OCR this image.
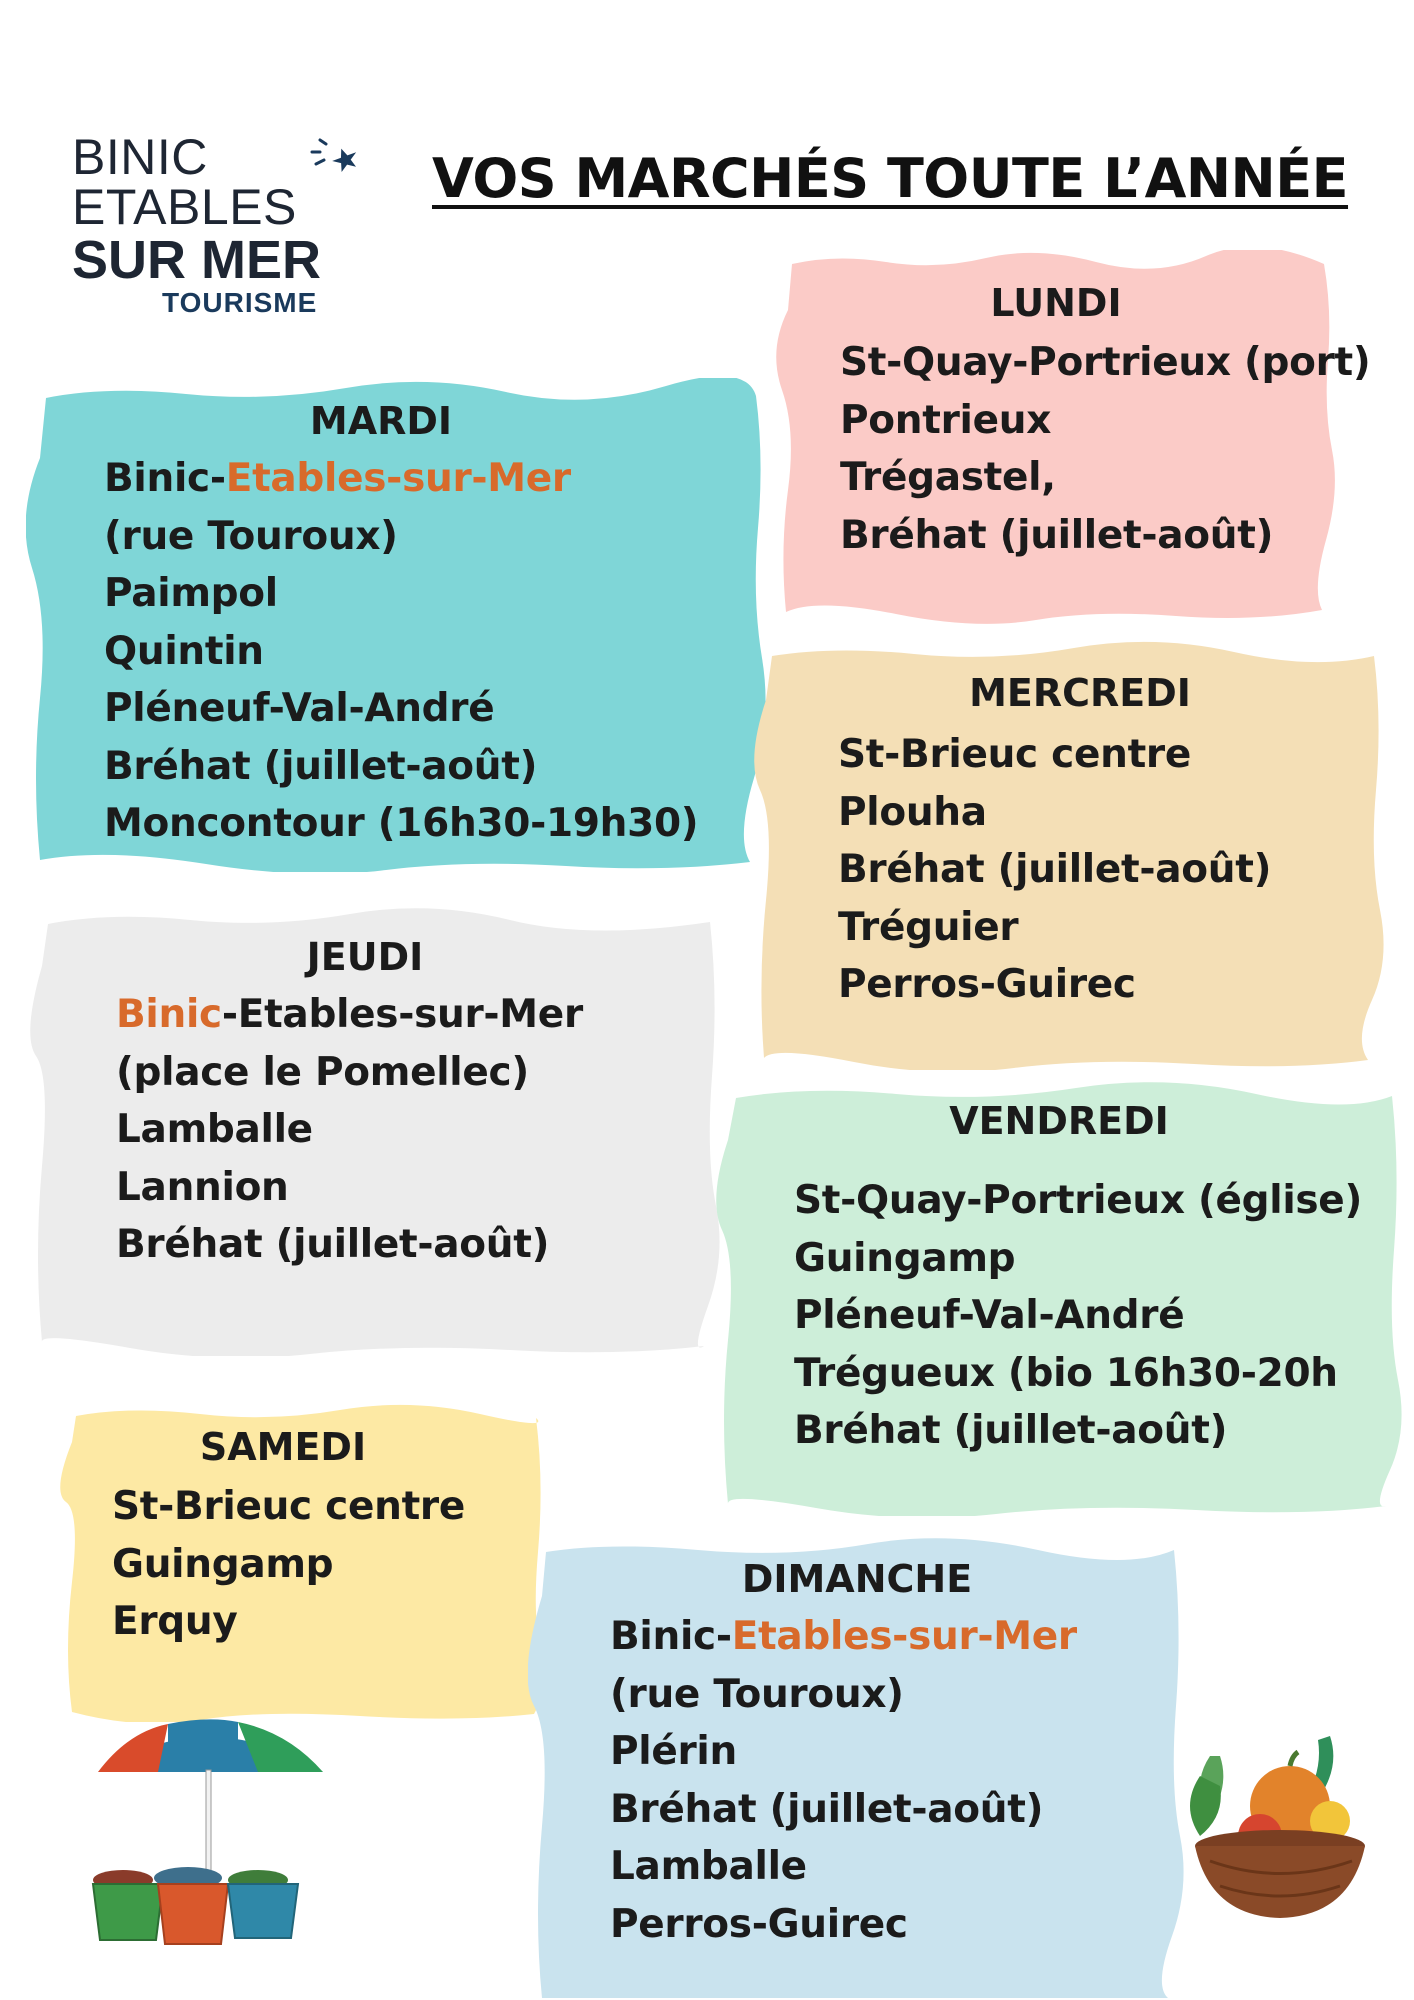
BINIC
ETABLES
SUR MER
TOURISME
VOS MARCHÉS TOUTE L’ANNÉE
LUNDI
St-Quay-Portrieux (port)
Pontrieux
Trégastel,
Bréhat (juillet-août)
MARDI
Binic-Etables-sur-Mer
(rue Touroux)
Paimpol
Quintin
Pléneuf-Val-André
Bréhat (juillet-août)
Moncontour (16h30-19h30)
MERCREDI
St-Brieuc centre
Plouha
Bréhat (juillet-août)
Tréguier
Perros-Guirec
JEUDI
Binic-Etables-sur-Mer
(place le Pomellec)
Lamballe
Lannion
Bréhat (juillet-août)
VENDREDI
St-Quay-Portrieux (église)
Guingamp
Pléneuf-Val-André
Trégueux (bio 16h30-20h
Bréhat (juillet-août)
SAMEDI
St-Brieuc centre
Guingamp
Erquy
DIMANCHE
Binic-Etables-sur-Mer
(rue Touroux)
Plérin
Bréhat (juillet-août)
Lamballe
Perros-Guirec
